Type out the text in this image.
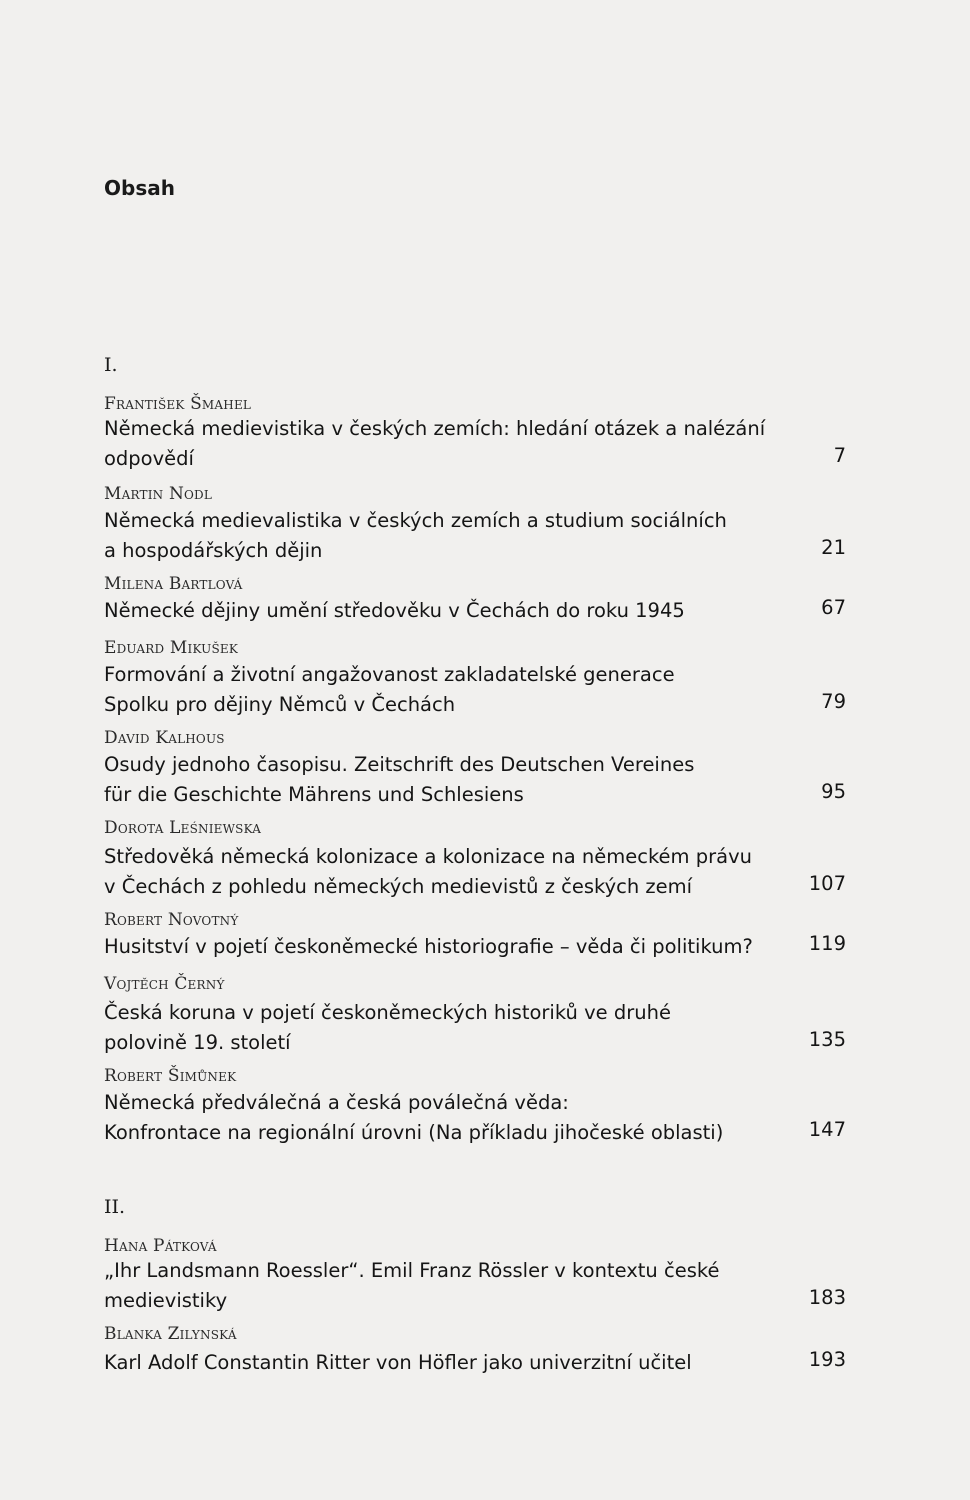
Obsah
I.
František Šmahel
Německá medievistika v českých zemích: hledání otázek a nalézání
odpovědí	7
Martin Nodl
Německá medievalistika v českých zemích a studium sociálních
a hospodářských dějin	21
Milena Bartlová
Německé dějiny umění středověku v Čechách do roku 1945	67
Eduard Mikušek
Formování a životní angažovanost zakladatelské generace
Spolku pro dějiny Němců v Čechách	79
David Kalhous
Osudy jednoho časopisu. Zeitschrift des Deutschen Vereines
für die Geschichte Mährens und Schlesiens	95
Dorota Leśniewska
Středověká německá kolonizace a kolonizace na německém právu
v Čechách z pohledu německých medievistů z českých zemí	107
Robert Novotný
Husitství v pojetí českoněmecké historiografie – věda či politikum?	119
Vojtěch Černý
Česká koruna v pojetí českoněmeckých historiků ve druhé
polovině 19. století	135
Robert Šimůnek
Německá předválečná a česká poválečná věda:
Konfrontace na regionální úrovni (Na příkladu jihočeské oblasti)	147
II.
Hana Pátková
„Ihr Landsmann Roessler“. Emil Franz Rössler v kontextu české
medievistiky	183
Blanka Zilynská
Karl Adolf Constantin Ritter von Höfler jako univerzitní učitel	193
